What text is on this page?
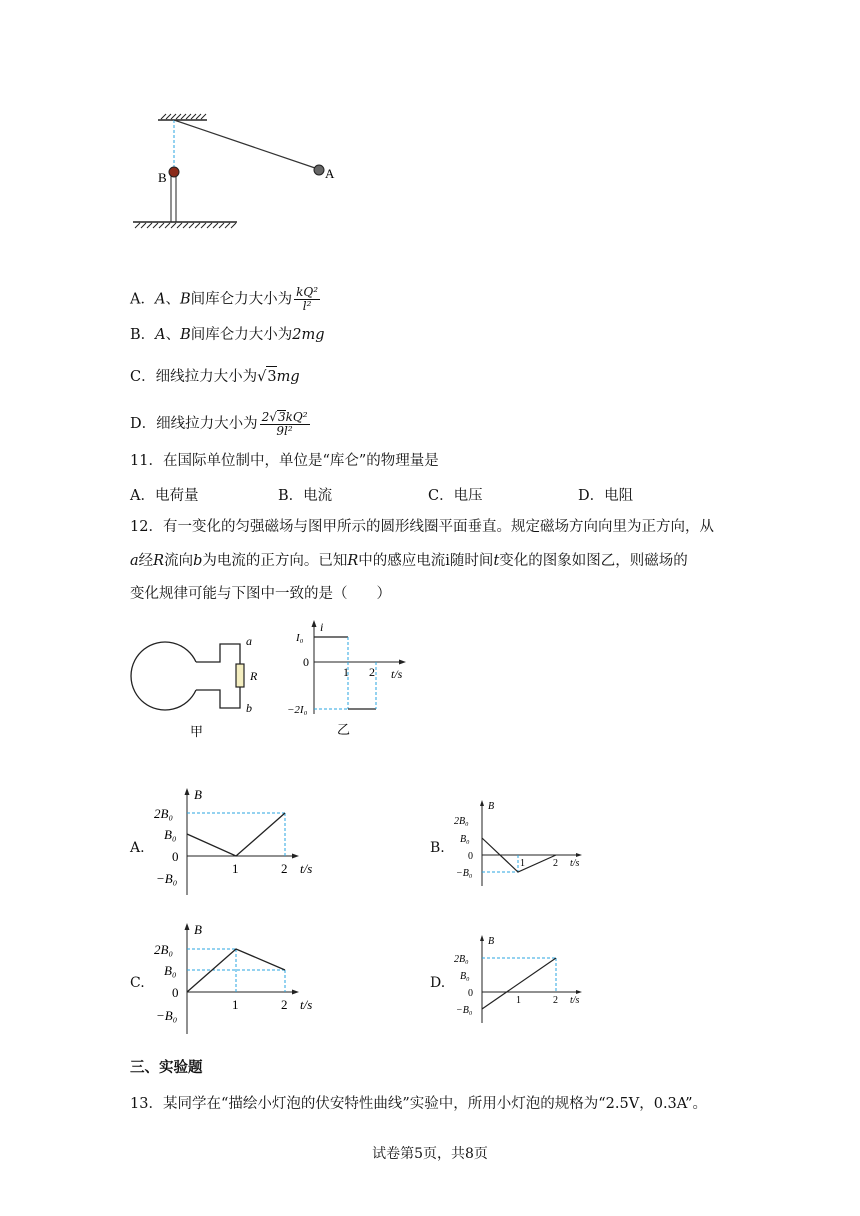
A
B
A．A、B间库仑力大小为 $\frac{\text{kQ²}}{\text{l²}}$
B．A、B间库仑力大小为2mg
C．细线拉力大小为√3mg
D．细线拉力大小为 $\frac{\text{2√3kQ²}}{\text{9l²}}$
11．在国际单位制中，单位是“库仑”的物理量是
A．电荷量	B．电流	C．电压	D．电阻
12．有一变化的匀强磁场与图甲所示的圆形线圈平面垂直。规定磁场方向向里为正方向，从
a经R流向b为电流的正方向。已知R中的感应电流i随时间t变化的图象如图乙，则磁场的
变化规律可能与下图中一致的是（　　）
a
b
R
甲
i
I₀
0
1 2 t/s
−2I₀
乙
A.
B
2B₀
B₀
0
−B₀
1	2 t/s
B.
B
2B₀
B₀
0
−B₀
1	2 t/s
C.
B
2B₀
B₀
0
−B₀
1	2 t/s
D.
B
2B₀
B₀
0
−B₀
1	2 t/s
三、实验题
13．某同学在“描绘小灯泡的伏安特性曲线”实验中，所用小灯泡的规格为“2.5V，0.3A”。
试卷第5页，共8页
